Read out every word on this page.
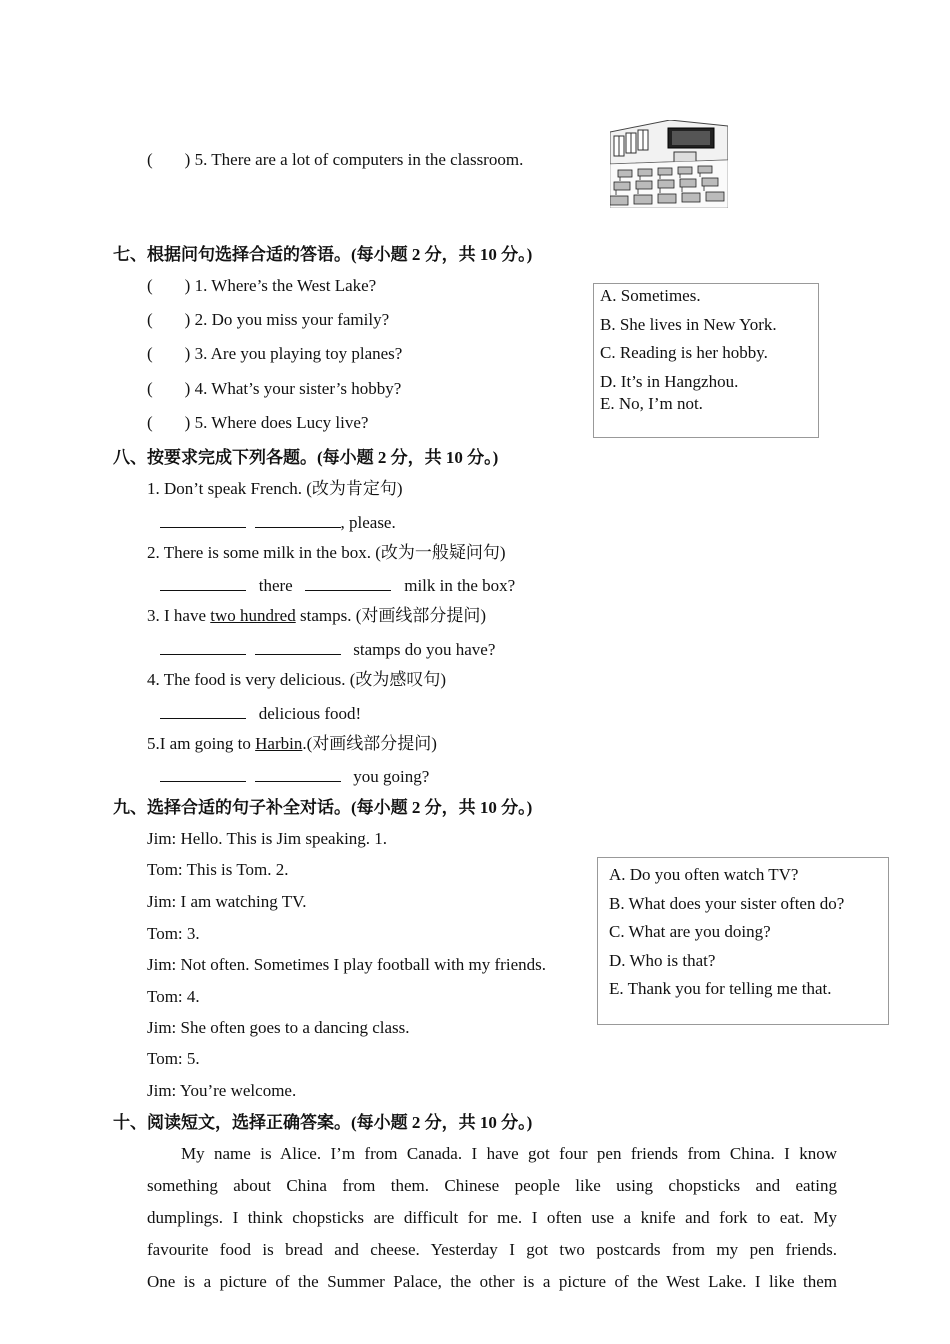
( ) 5. There are a lot of computers in the classroom.
七、根据问句选择合适的答语。(每小题 2 分，共 10 分。)
( ) 1. Where’s the West Lake?
( ) 2. Do you miss your family?
( ) 3. Are you playing toy planes?
( ) 4. What’s your sister’s hobby?
( ) 5. Where does Lucy live?
A. Sometimes.
B. She lives in New York.
C. Reading is her hobby.
D. It’s in Hangzhou.
E. No, I’m not.
八、按要求完成下列各题。(每小题 2 分，共 10 分。)
1. Don’t speak French. (改为肯定句)
, please.
2. There is some milk in the box. (改为一般疑问句)
there	milk in the box?
3. I have two hundred stamps. (对画线部分提问)
stamps do you have?
4. The food is very delicious. (改为感叹句)
delicious food!
5.I am going to Harbin.(对画线部分提问)
you going?
九、选择合适的句子补全对话。(每小题 2 分，共 10 分。)
Jim: Hello. This is Jim speaking. 1.
Tom: This is Tom. 2.
Jim: I am watching TV.
Tom: 3.
Jim: Not often. Sometimes I play football with my friends.
Tom: 4.
Jim: She often goes to a dancing class.
Tom: 5.
Jim: You’re welcome.
A. Do you often watch TV?
B. What does your sister often do?
C. What are you doing?
D. Who is that?
E. Thank you for telling me that.
十、阅读短文，选择正确答案。(每小题 2 分，共 10 分。)
My name is Alice. I’m from Canada. I have got four pen friends from China. I know
something about China from them. Chinese people like using chopsticks and eating
dumplings. I think chopsticks are difficult for me. I often use a knife and fork to eat. My
favourite food is bread and cheese. Yesterday I got two postcards from my pen friends.
One is a picture of the Summer Palace, the other is a picture of the West Lake. I like them
